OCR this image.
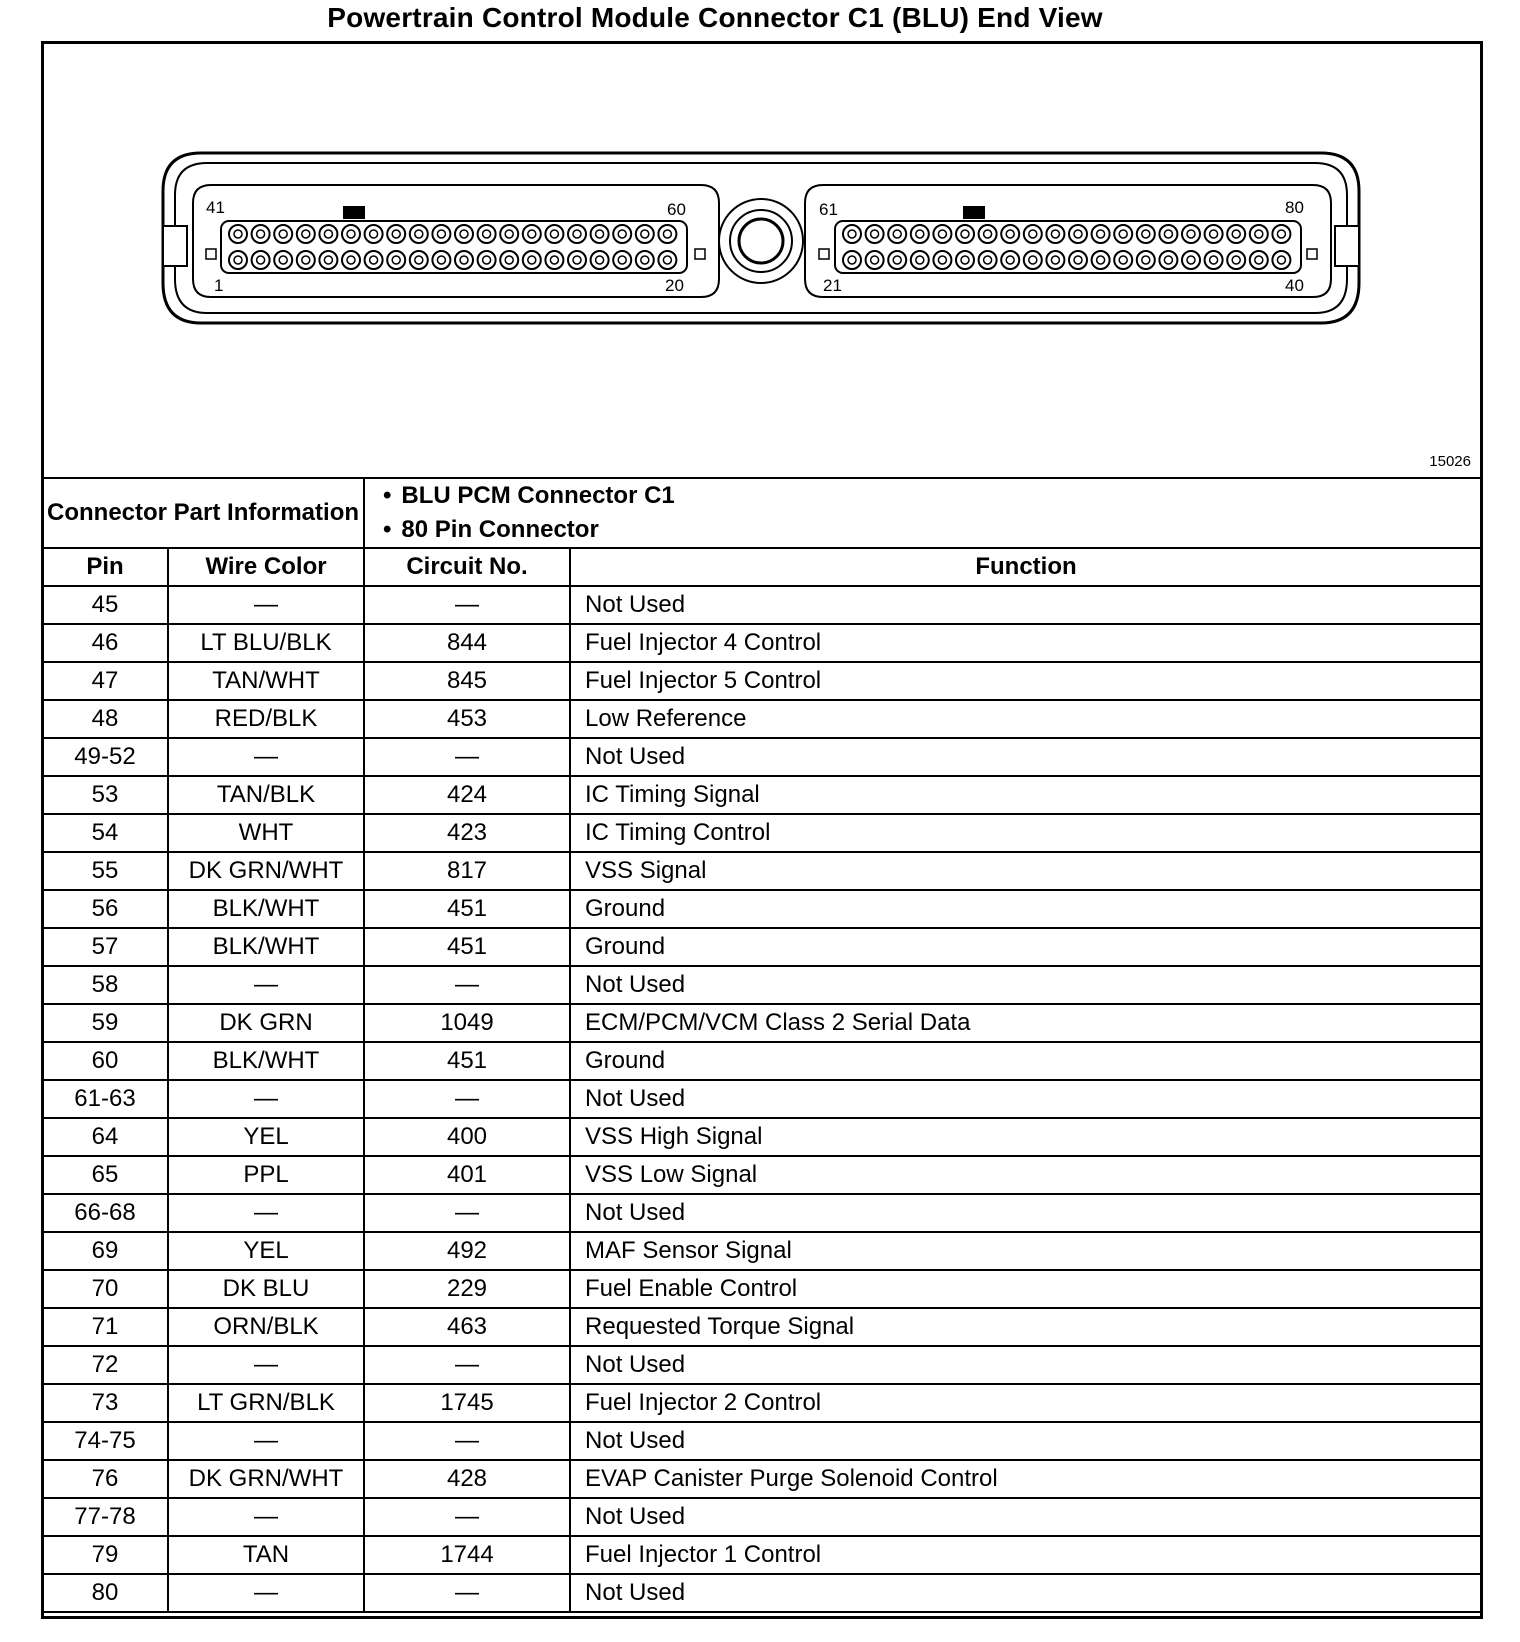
Powertrain Control Module Connector C1 (BLU) End View
41	60
1	20
61	80
21	40
15026
Connector Part Information		• BLU PCM Connector C1
• 80 Pin Connector

Pin	Wire Color	Circuit No.	Function
45	—	—	Not Used
46	LT BLU/BLK	844	Fuel Injector 4 Control
47	TAN/WHT	845	Fuel Injector 5 Control
48	RED/BLK	453	Low Reference
49-52	—	—	Not Used
53	TAN/BLK	424	IC Timing Signal
54	WHT	423	IC Timing Control
55	DK GRN/WHT	817	VSS Signal
56	BLK/WHT	451	Ground
57	BLK/WHT	451	Ground
58	—	—	Not Used
59	DK GRN	1049	ECM/PCM/VCM Class 2 Serial Data
60	BLK/WHT	451	Ground
61-63	—	—	Not Used
64	YEL	400	VSS High Signal
65	PPL	401	VSS Low Signal
66-68	—	—	Not Used
69	YEL	492	MAF Sensor Signal
70	DK BLU	229	Fuel Enable Control
71	ORN/BLK	463	Requested Torque Signal
72	—	—	Not Used
73	LT GRN/BLK	1745	Fuel Injector 2 Control
74-75	—	—	Not Used
76	DK GRN/WHT	428	EVAP Canister Purge Solenoid Control
77-78	—	—	Not Used
79	TAN	1744	Fuel Injector 1 Control
80	—	—	Not Used
